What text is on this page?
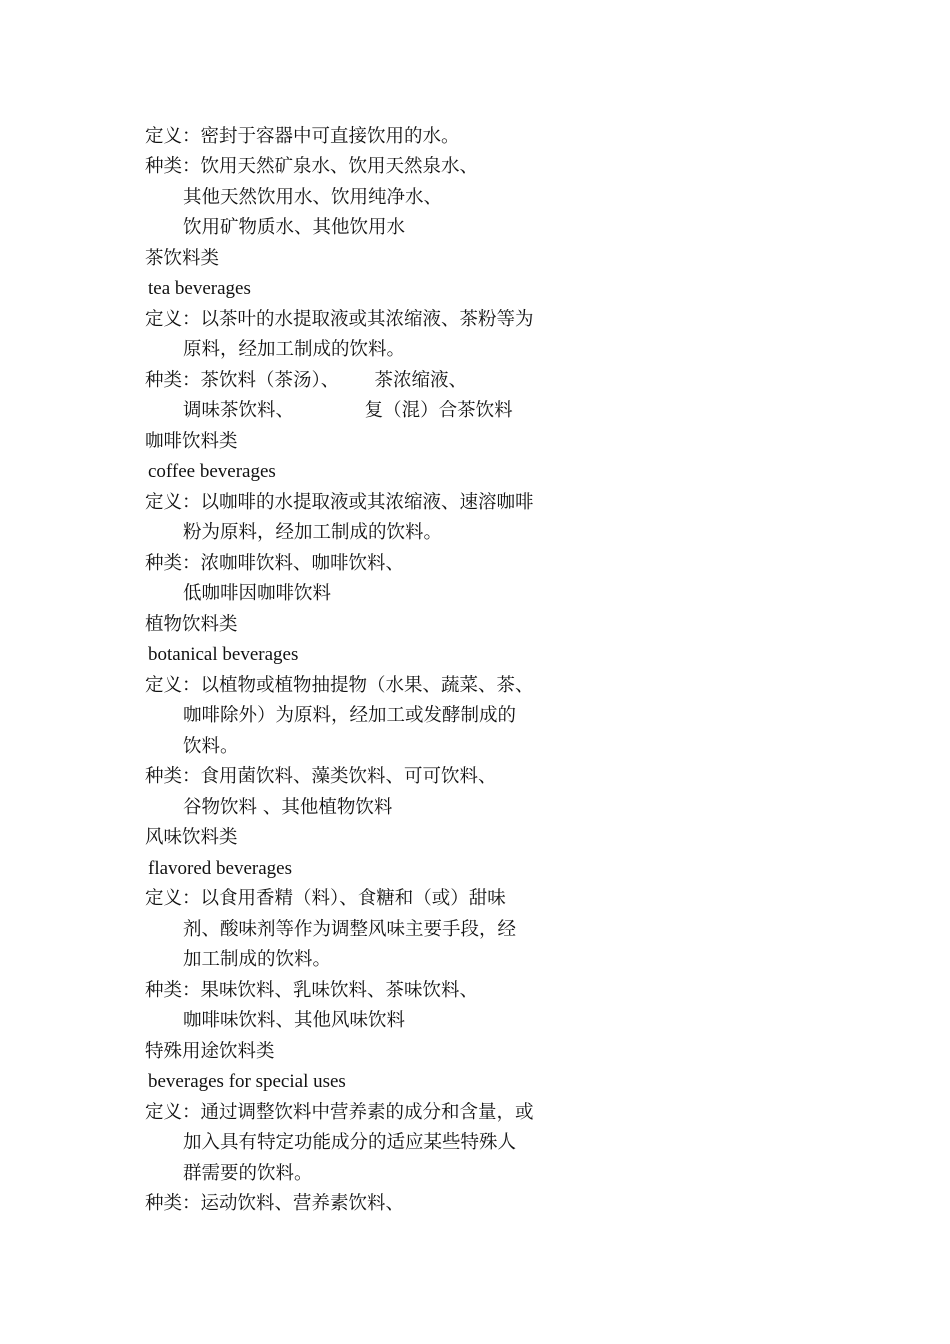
定义：密封于容器中可直接饮用的水。
种类：饮用天然矿泉水、饮用天然泉水、
其他天然饮用水、饮用纯净水、
饮用矿物质水、其他饮用水
茶饮料类
tea beverages
定义：以茶叶的水提取液或其浓缩液、茶粉等为
原料，经加工制成的饮料。
种类：茶饮料（茶汤）、      茶浓缩液、
调味茶饮料、            复（混）合茶饮料
咖啡饮料类
coffee beverages
定义：以咖啡的水提取液或其浓缩液、速溶咖啡
粉为原料，经加工制成的饮料。
种类：浓咖啡饮料、咖啡饮料、
低咖啡因咖啡饮料
植物饮料类
botanical beverages
定义：以植物或植物抽提物（水果、蔬菜、茶、
咖啡除外）为原料，经加工或发酵制成的
饮料。
种类：食用菌饮料、藻类饮料、可可饮料、
谷物饮料 、其他植物饮料
风味饮料类
flavored beverages
定义：以食用香精（料）、食糖和（或）甜味
剂、酸味剂等作为调整风味主要手段，经
加工制成的饮料。
种类：果味饮料、乳味饮料、茶味饮料、
咖啡味饮料、其他风味饮料
特殊用途饮料类
beverages for special uses
定义：通过调整饮料中营养素的成分和含量，或
加入具有特定功能成分的适应某些特殊人
群需要的饮料。
种类：运动饮料、营养素饮料、
